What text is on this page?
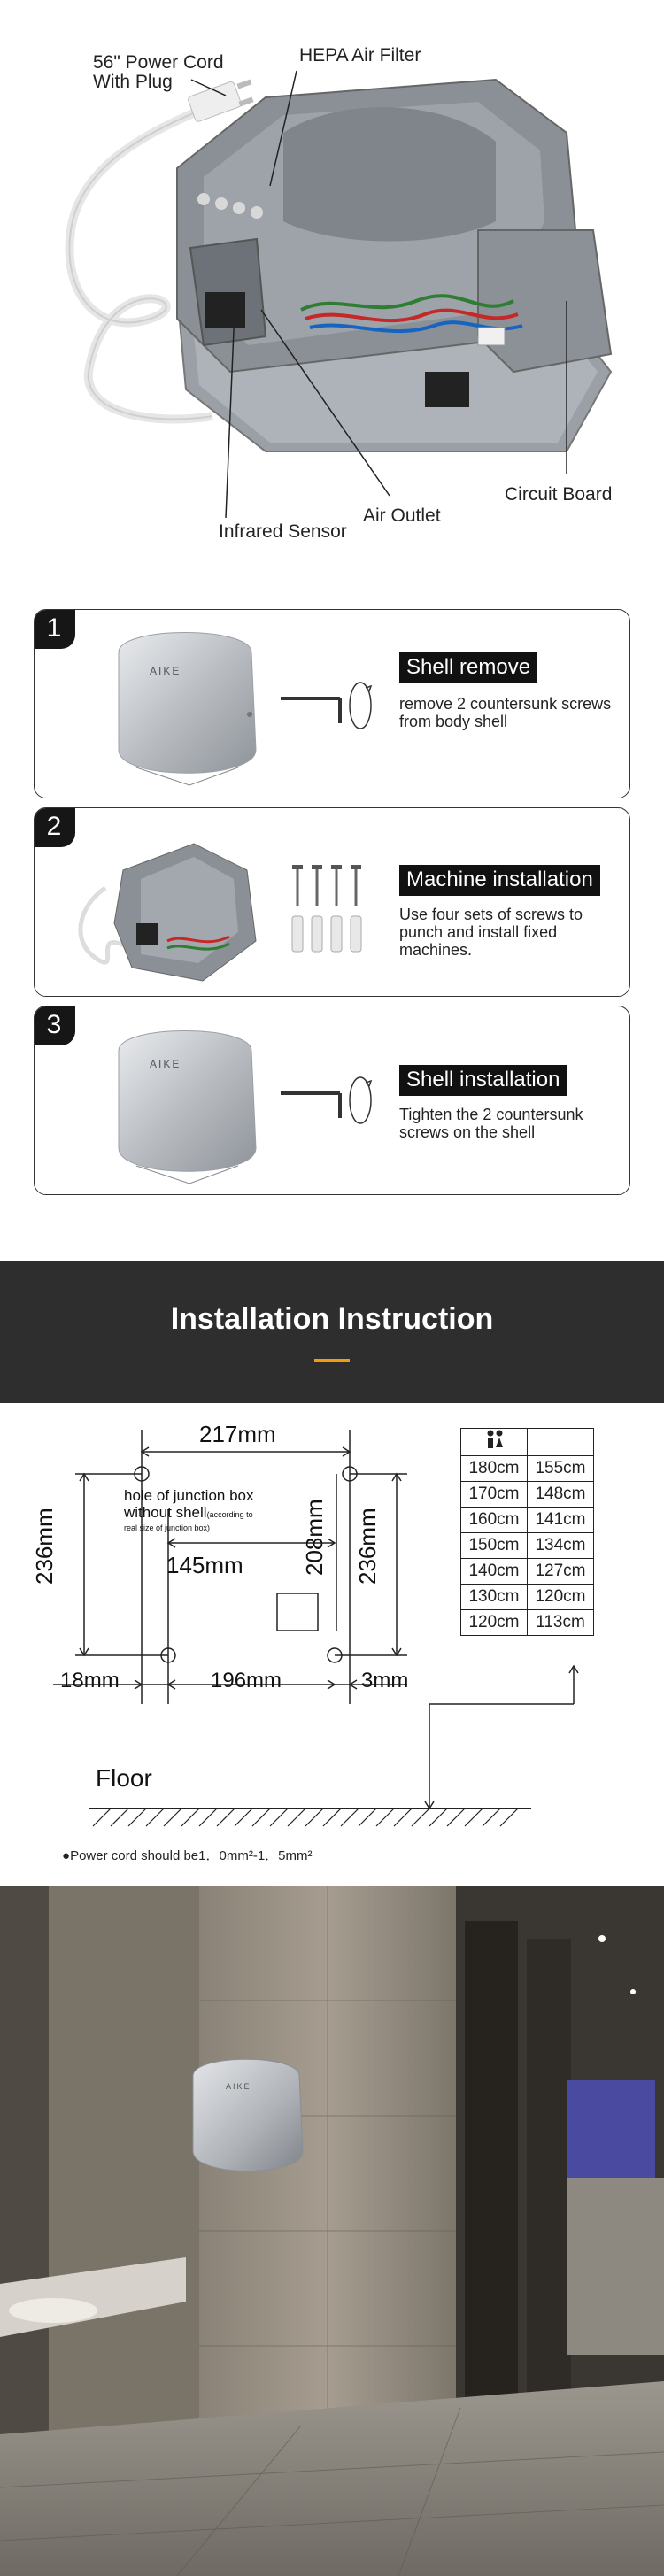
56" Power Cord
With Plug
HEPA Air Filter
Circuit Board
Air Outlet
Infrared Sensor
1
AIKE	Shell remove
remove 2 countersunk screws from body shell
2
Machine installation
Use four sets of screws to punch and install fixed machines.
3
AIKE
Shell installation
Tighten the 2 countersunk screws on the shell
Installation Instruction
217mm
236mm	236mm
208mm
145mm
18mm	196mm	3mm
hole of junction box
without shell(according to
real size of junction box)
Floor

180cm	155cm
170cm	148cm
160cm	141cm
150cm	134cm
140cm	127cm
130cm	120cm
120cm	113cm
●Power cord should be1．0mm²-1．5mm²
AIKE
